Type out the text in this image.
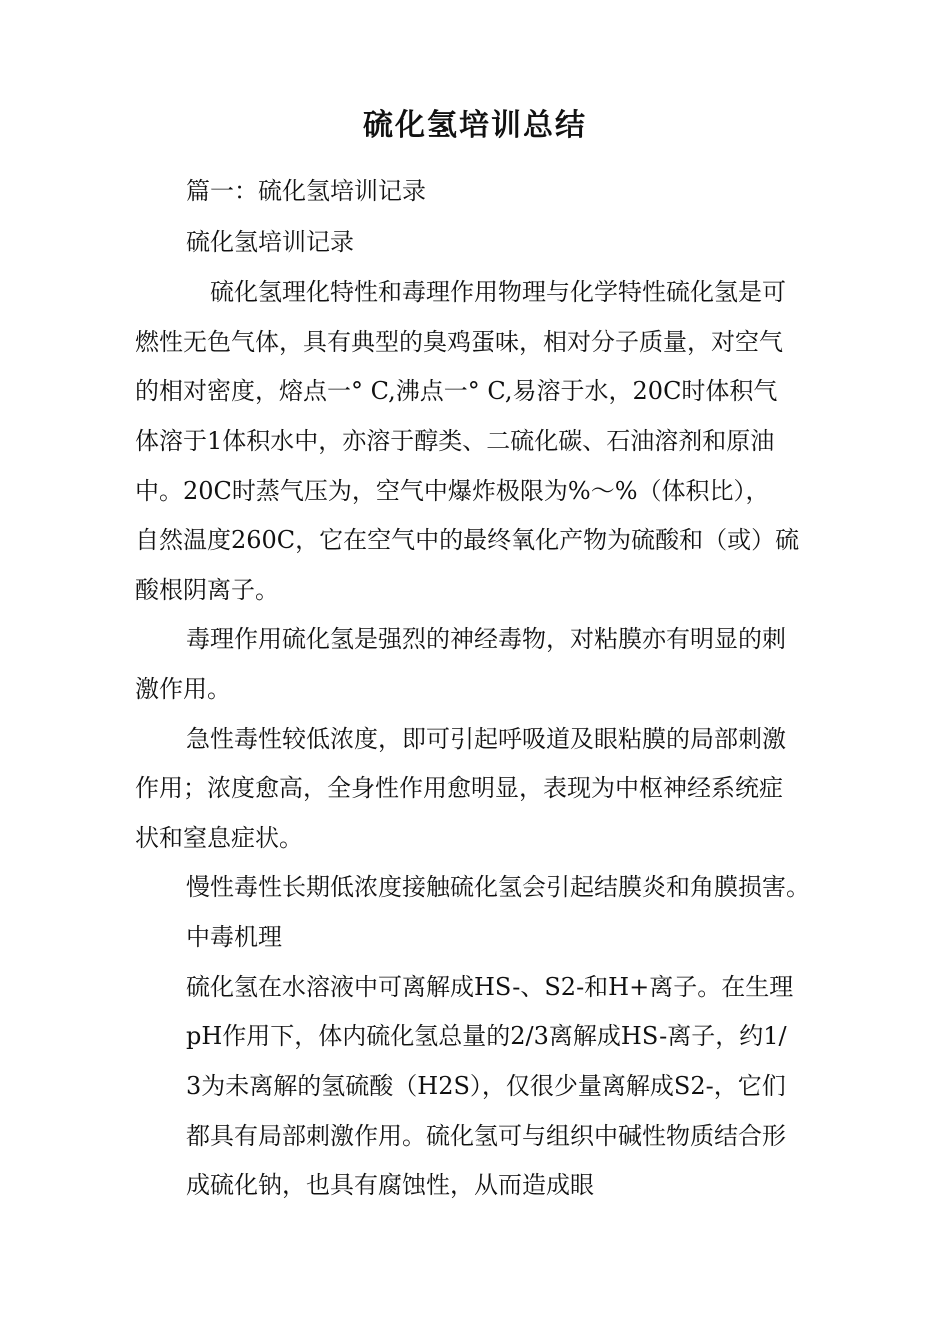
硫化氢培训总结
篇一：硫化氢培训记录
硫化氢培训记录
硫化氢理化特性和毒理作用物理与化学特性硫化氢是可
燃性无色气体，具有典型的臭鸡蛋味，相对分子质量，对空气
的相对密度，熔点一° C,沸点一° C,易溶于水，20C时体积气
体溶于1体积水中，亦溶于醇类、二硫化碳、石油溶剂和原油
中。20C时蒸气压为，空气中爆炸极限为%〜%（体积比），
自然温度260C，它在空气中的最终氧化产物为硫酸和（或）硫
酸根阴离子。
毒理作用硫化氢是强烈的神经毒物，对粘膜亦有明显的刺
激作用。
急性毒性较低浓度，即可引起呼吸道及眼粘膜的局部刺激
作用；浓度愈高，全身性作用愈明显，表现为中枢神经系统症
状和窒息症状。
慢性毒性长期低浓度接触硫化氢会引起结膜炎和角膜损害。
中毒机理
硫化氢在水溶液中可离解成HS-、S2-和H+离子。在生理
pH作用下，体内硫化氢总量的2/3离解成HS-离子，约1/
3为未离解的氢硫酸（H2S），仅很少量离解成S2-，它们
都具有局部刺激作用。硫化氢可与组织中碱性物质结合形
成硫化钠，也具有腐蚀性，从而造成眼
